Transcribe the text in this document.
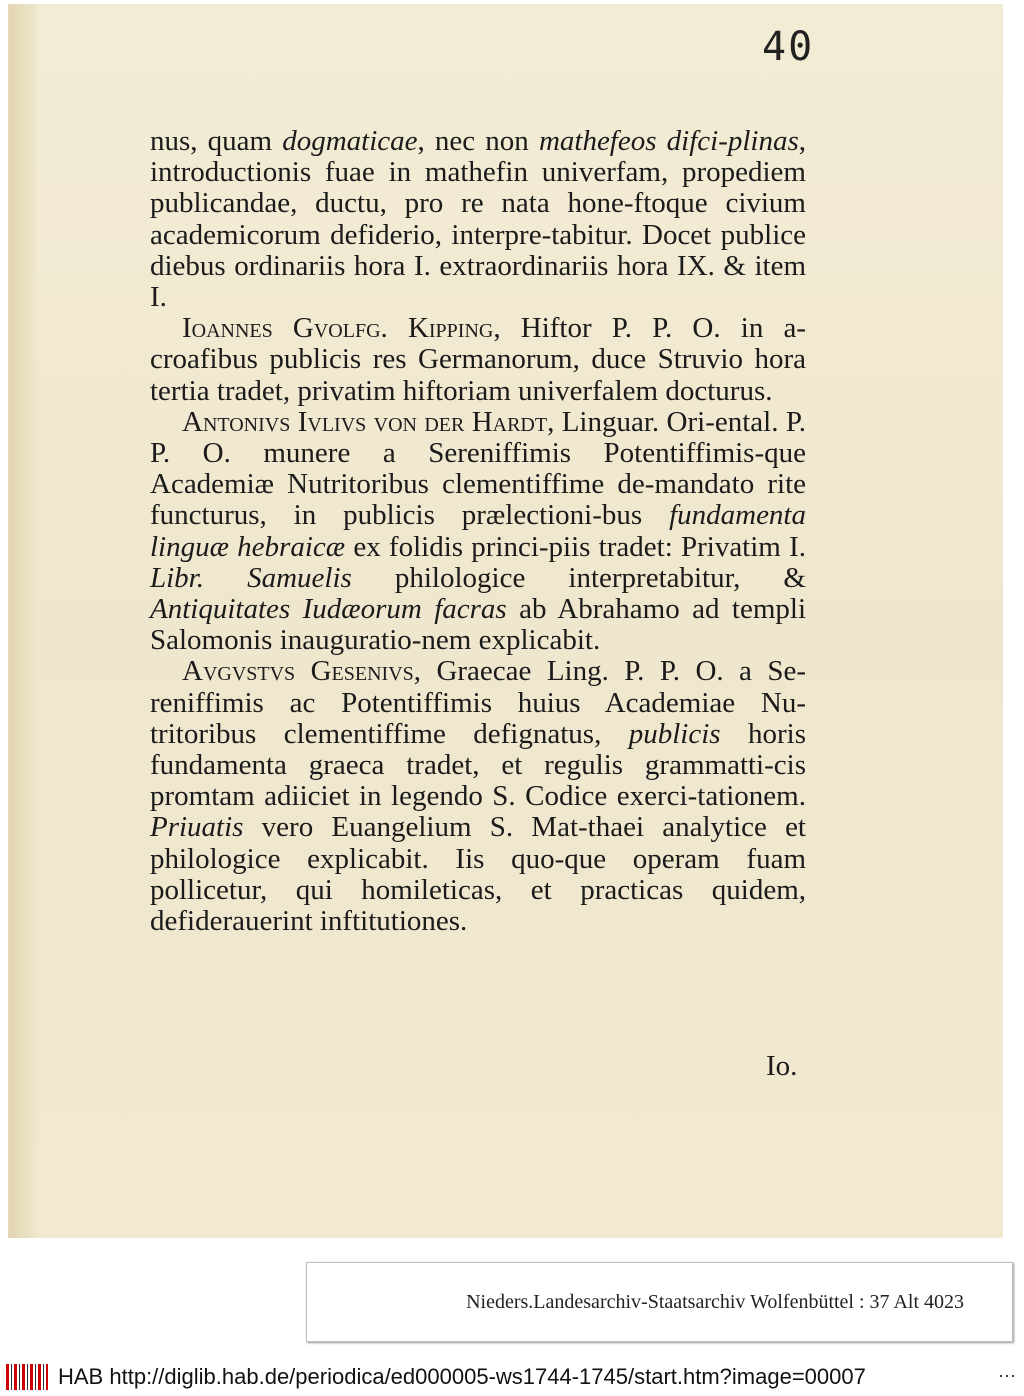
40
nus, quam dogmaticae, nec non mathefeos difci-plinas, introductionis fuae in mathefin univerfam, propediem publicandae, ductu, pro re nata hone-ftoque civium academicorum defiderio, interpre-tabitur. Docet publice diebus ordinariis hora I. extraordinariis hora IX. & item I.
Ioannes Gvolfg. Kipping, Hiftor P. P. O. in a-croafibus publicis res Germanorum, duce Struvio hora tertia tradet, privatim hiftoriam univerfalem docturus.
Antonivs Ivlivs von der Hardt, Linguar. Ori-ental. P. P. O. munere a Sereniffimis Potentiffimis-que Academiæ Nutritoribus clementiffime de-mandato rite functurus, in publicis prælectioni-bus fundamenta linguæ hebraicæ ex folidis princi-piis tradet: Privatim I. Libr. Samuelis philologice interpretabitur, & Antiquitates Iudæorum facras ab Abrahamo ad templi Salomonis inauguratio-nem explicabit.
Avgvstvs Gesenivs, Graecae Ling. P. P. O. a Se-reniffimis ac Potentiffimis huius Academiae Nu-tritoribus clementiffime defignatus, publicis horis fundamenta graeca tradet, et regulis grammatti-cis promtam adiiciet in legendo S. Codice exerci-tationem. Priuatis vero Euangelium S. Mat-thaei analytice et philologice explicabit. Iis quo-que operam fuam pollicetur, qui homileticas, et practicas quidem, defiderauerint inftitutiones.
Io.
Nieders.Landesarchiv-Staatsarchiv Wolfenbüttel : 37 Alt 4023
HAB http://diglib.hab.de/periodica/ed000005-ws1744-1745/start.htm?image=00007	⋯
